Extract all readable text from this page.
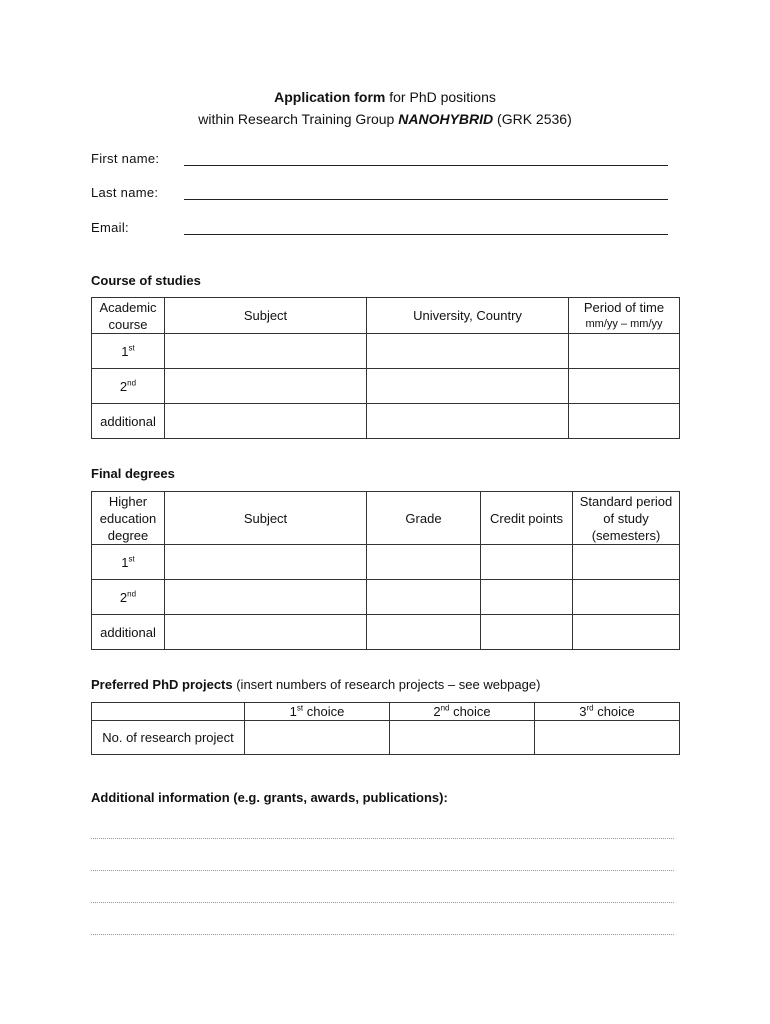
Application form for PhD positions
within Research Training Group NANOHYBRID (GRK 2536)
First name:
Last name:
Email:
Course of studies
Academic course	Subject	University, Country	Period of time
mm/yy – mm/yy

1st			
2nd			
additional			
Final degrees
Higher education degree	Subject	Grade	Credit points	Standard period of study (semesters)
1st				
2nd				
additional				
Preferred PhD projects (insert numbers of research projects – see webpage)
	1st choice	2nd choice	3rd choice
No. of research project			
Additional information (e.g. grants, awards, publications):
